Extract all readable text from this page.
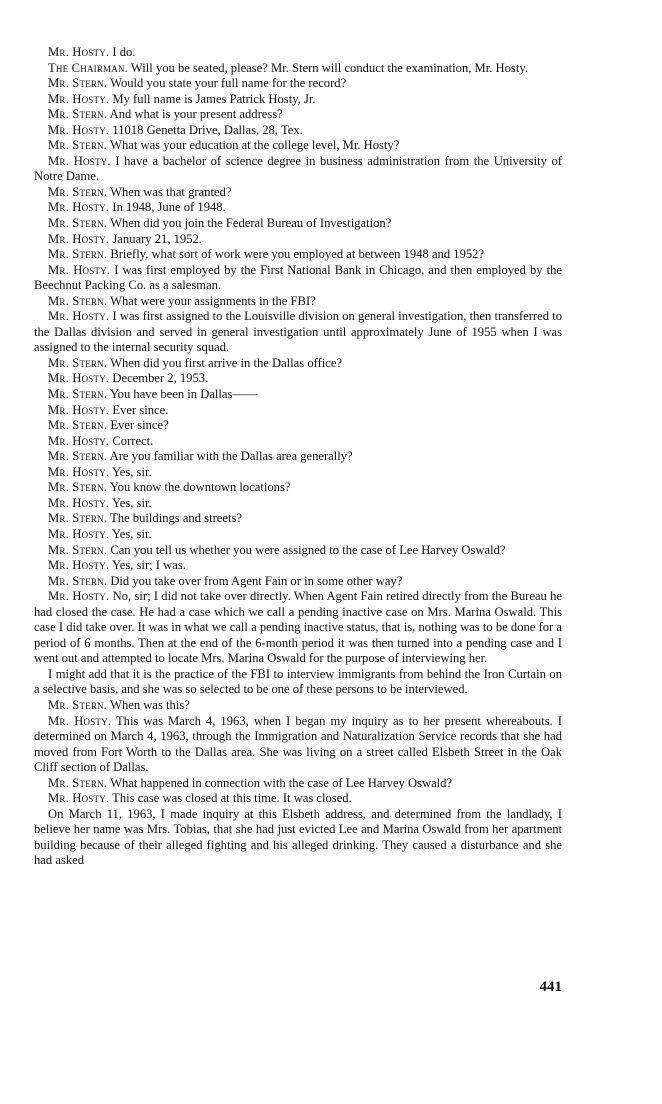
Mr. Hosty. I do.

The Chairman. Will you be seated, please? Mr. Stern will conduct the examination, Mr. Hosty.

Mr. Stern. Would you state your full name for the record?

Mr. Hosty. My full name is James Patrick Hosty, Jr.

Mr. Stern. And what is your present address?

Mr. Hosty. 11018 Genetta Drive, Dallas, 28, Tex.

Mr. Stern. What was your education at the college level, Mr. Hosty?

Mr. Hosty. I have a bachelor of science degree in business administration from the University of Notre Dame.

Mr. Stern. When was that granted?

Mr. Hosty. In 1948, June of 1948.

Mr. Stern. When did you join the Federal Bureau of Investigation?

Mr. Hosty. January 21, 1952.

Mr. Stern. Briefly, what sort of work were you employed at between 1948 and 1952?

Mr. Hosty. I was first employed by the First National Bank in Chicago, and then employed by the Beechnut Packing Co. as a salesman.

Mr. Stern. What were your assignments in the FBI?

Mr. Hosty. I was first assigned to the Louisville division on general investigation, then transferred to the Dallas division and served in general investigation until approximately June of 1955 when I was assigned to the internal security squad.

Mr. Stern. When did you first arrive in the Dallas office?

Mr. Hosty. December 2, 1953.

Mr. Stern. You have been in Dallas——

Mr. Hosty. Ever since.

Mr. Stern. Ever since?

Mr. Hosty. Correct.

Mr. Stern. Are you familiar with the Dallas area generally?

Mr. Hosty. Yes, sir.

Mr. Stern. You know the downtown locations?

Mr. Hosty. Yes, sir.

Mr. Stern. The buildings and streets?

Mr. Hosty. Yes, sir.

Mr. Stern. Can you tell us whether you were assigned to the case of Lee Harvey Oswald?

Mr. Hosty. Yes, sir; I was.

Mr. Stern. Did you take over from Agent Fain or in some other way?

Mr. Hosty. No, sir; I did not take over directly. When Agent Fain retired directly from the Bureau he had closed the case. He had a case which we call a pending inactive case on Mrs. Marina Oswald. This case I did take over. It was in what we call a pending inactive status, that is, nothing was to be done for a period of 6 months. Then at the end of the 6-month period it was then turned into a pending case and I went out and attempted to locate Mrs. Marina Oswald for the purpose of interviewing her.

I might add that it is the practice of the FBI to interview immigrants from behind the Iron Curtain on a selective basis, and she was so selected to be one of these persons to be interviewed.

Mr. Stern. When was this?

Mr. Hosty. This was March 4, 1963, when I began my inquiry as to her present whereabouts. I determined on March 4, 1963, through the Immigration and Naturalization Service records that she had moved from Fort Worth to the Dallas area. She was living on a street called Elsbeth Street in the Oak Cliff section of Dallas.

Mr. Stern. What happened in connection with the case of Lee Harvey Oswald?

Mr. Hosty. This case was closed at this time. It was closed.

On March 11, 1963, I made inquiry at this Elsbeth address, and determined from the landlady, I believe her name was Mrs. Tobias, that she had just evicted Lee and Marina Oswald from her apartment building because of their alleged fighting and his alleged drinking. They caused a disturbance and she had asked

441
